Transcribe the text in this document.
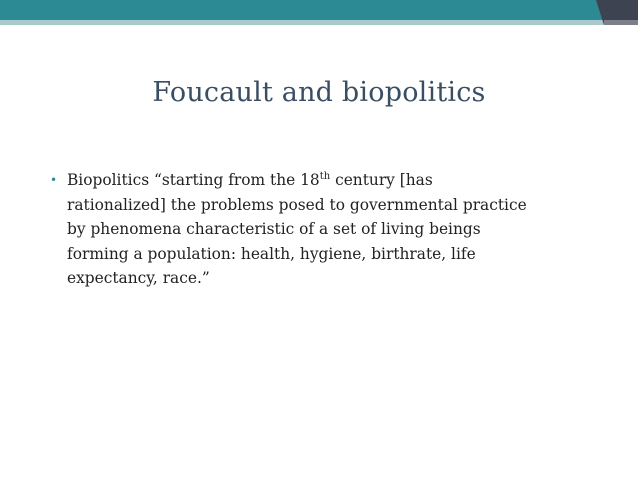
Foucault and biopolitics
• Biopolitics “starting from the 18th century [has
rationalized] the problems posed to governmental practice
by phenomena characteristic of a set of living beings
forming a population: health, hygiene, birthrate, life
expectancy, race.”
